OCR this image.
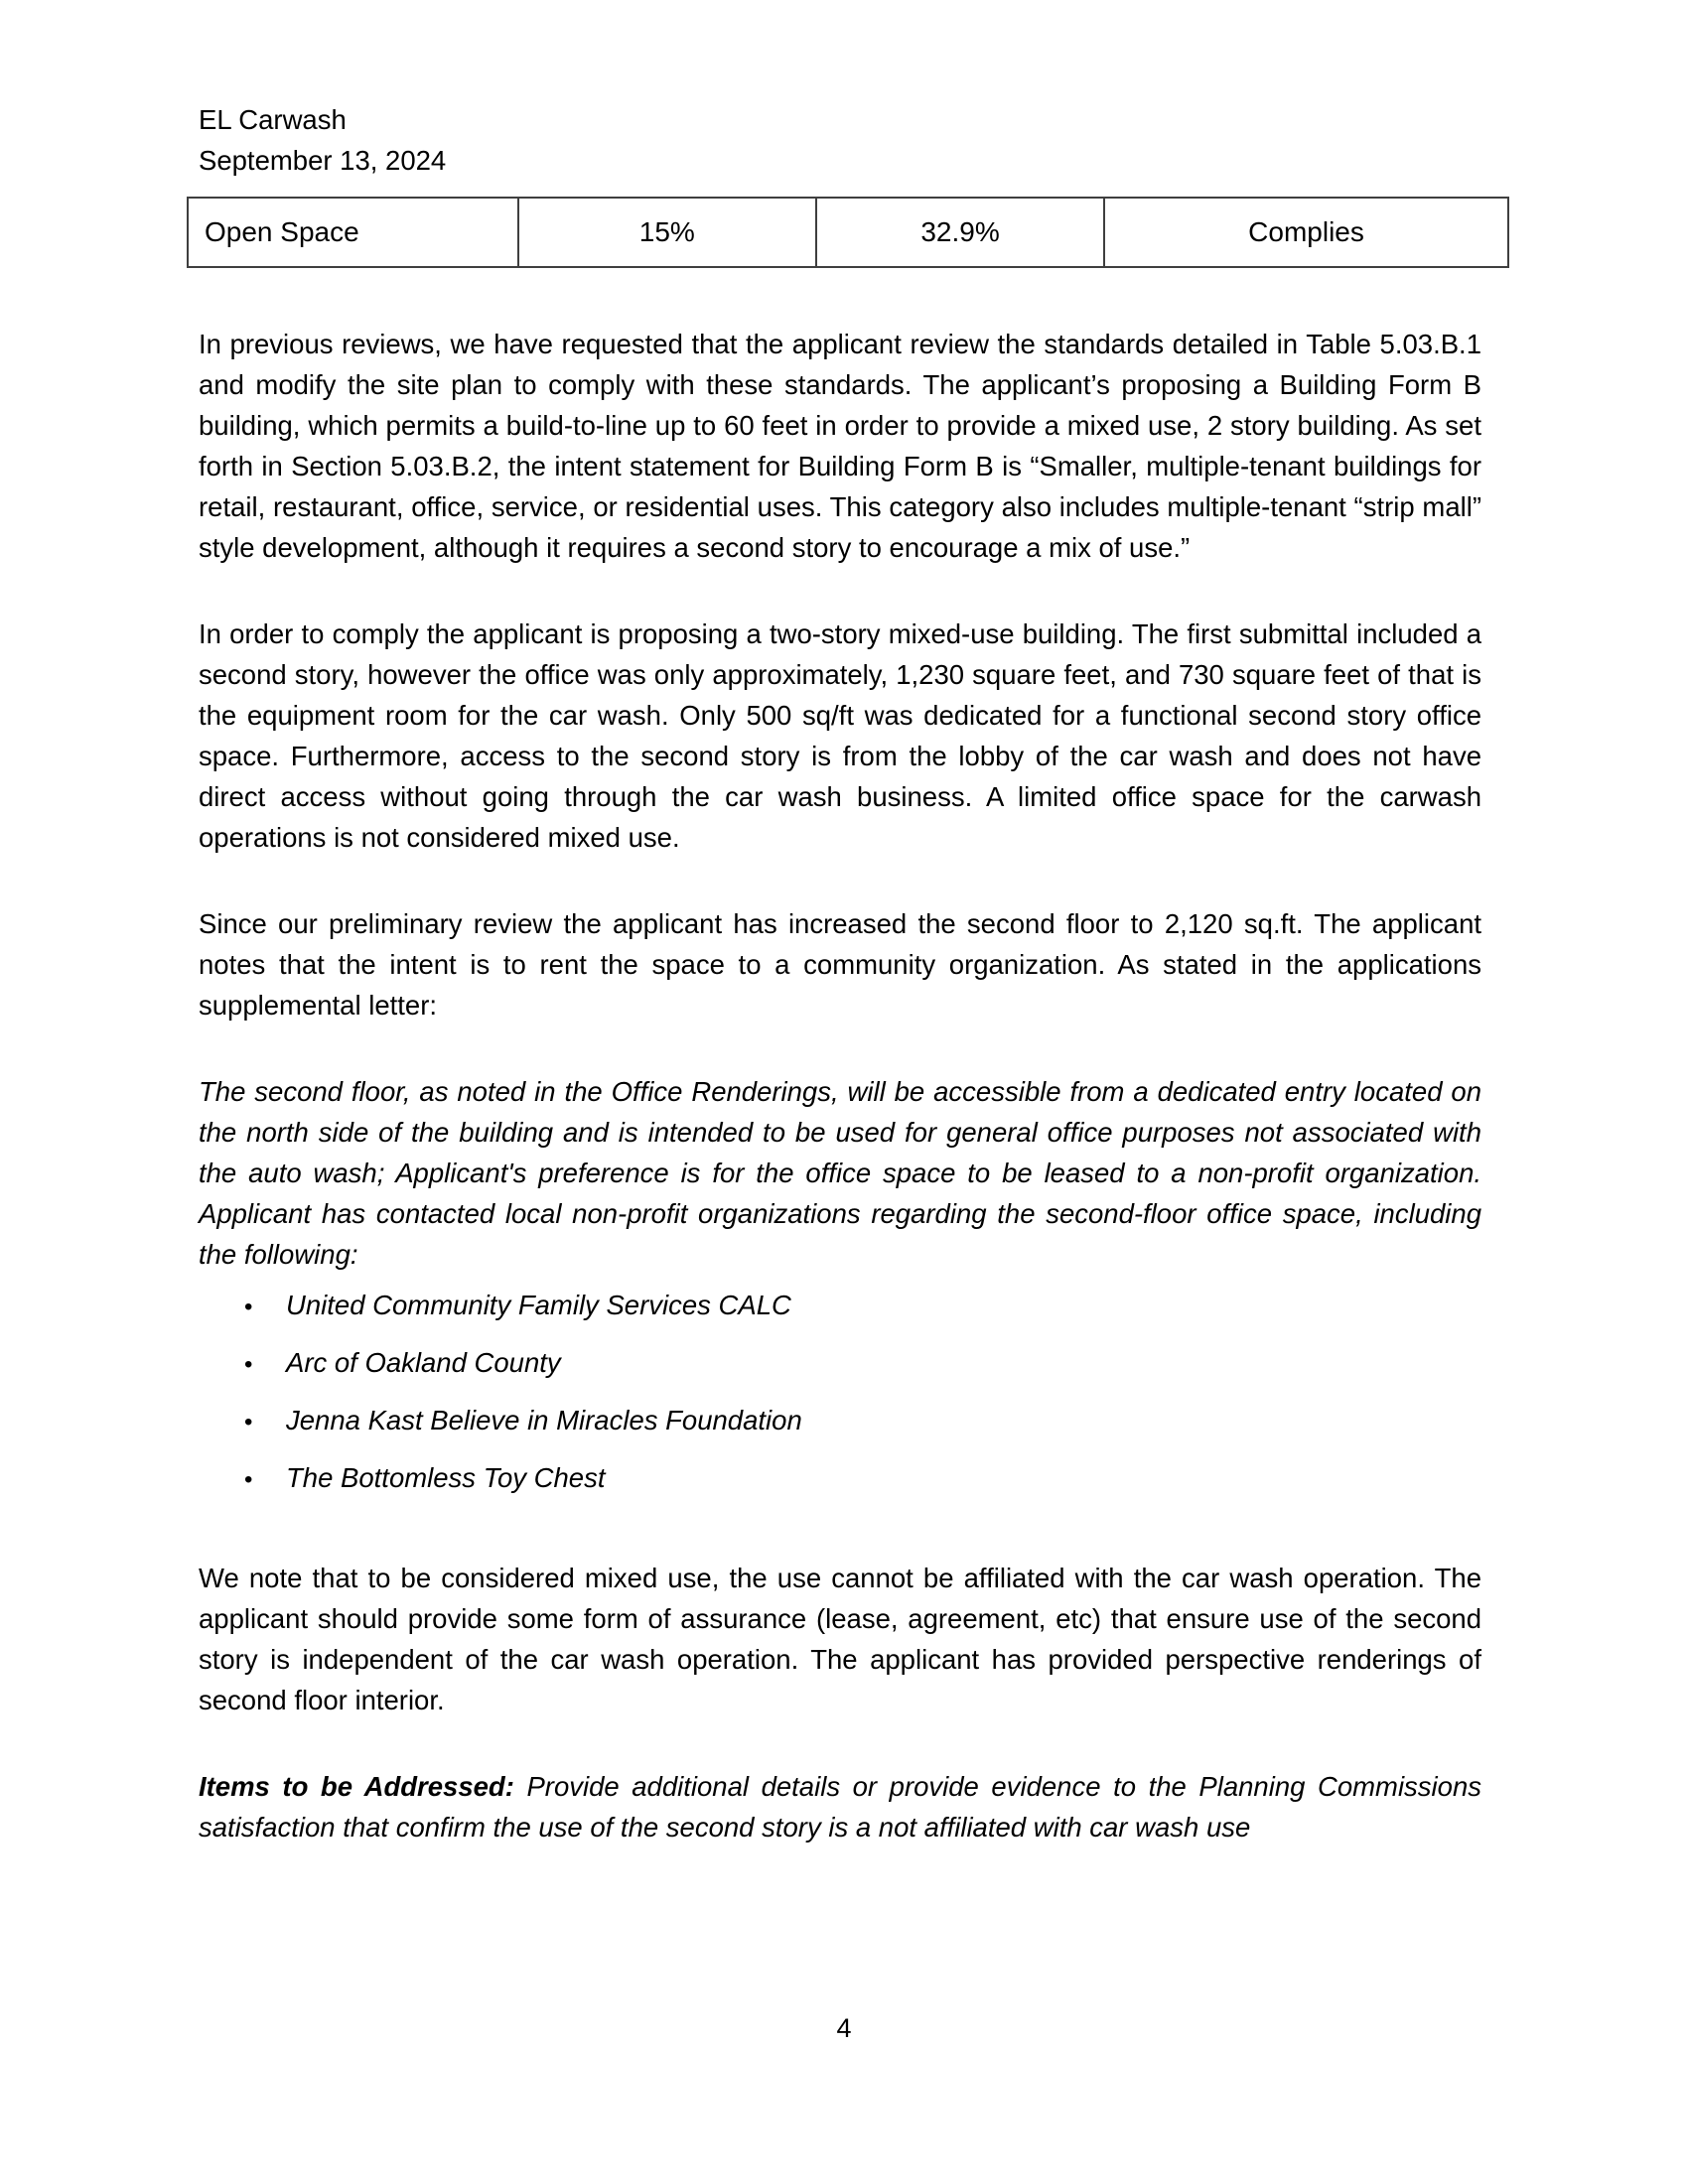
EL Carwash
September 13, 2024
Open Space	15%	32.9%	Complies

In previous reviews, we have requested that the applicant review the standards detailed in Table 5.03.B.1 and modify the site plan to comply with these standards. The applicant’s proposing a Building Form B building, which permits a build-to-line up to 60 feet in order to provide a mixed use, 2 story building. As set forth in Section 5.03.B.2, the intent statement for Building Form B is “Smaller, multiple-tenant buildings for retail, restaurant, office, service, or residential uses. This category also includes multiple-tenant “strip mall” style development, although it requires a second story to encourage a mix of use.”

In order to comply the applicant is proposing a two-story mixed-use building. The first submittal included a second story, however the office was only approximately, 1,230 square feet, and 730 square feet of that is the equipment room for the car wash. Only 500 sq/ft was dedicated for a functional second story office space. Furthermore, access to the second story is from the lobby of the car wash and does not have direct access without going through the car wash business. A limited office space for the carwash operations is not considered mixed use.

Since our preliminary review the applicant has increased the second floor to 2,120 sq.ft. The applicant notes that the intent is to rent the space to a community organization. As stated in the applications supplemental letter:

The second floor, as noted in the Office Renderings, will be accessible from a dedicated entry located on the north side of the building and is intended to be used for general office purposes not associated with the auto wash; Applicant's preference is for the office space to be leased to a non-profit organization. Applicant has contacted local non-profit organizations regarding the second-floor office space, including the following:

•	United Community Family Services CALC
•	Arc of Oakland County
•	Jenna Kast Believe in Miracles Foundation
•	The Bottomless Toy Chest

We note that to be considered mixed use, the use cannot be affiliated with the car wash operation. The applicant should provide some form of assurance (lease, agreement, etc) that ensure use of the second story is independent of the car wash operation. The applicant has provided perspective renderings of second floor interior.

Items to be Addressed: Provide additional details or provide evidence to the Planning Commissions satisfaction that confirm the use of the second story is a not affiliated with car wash use

4
